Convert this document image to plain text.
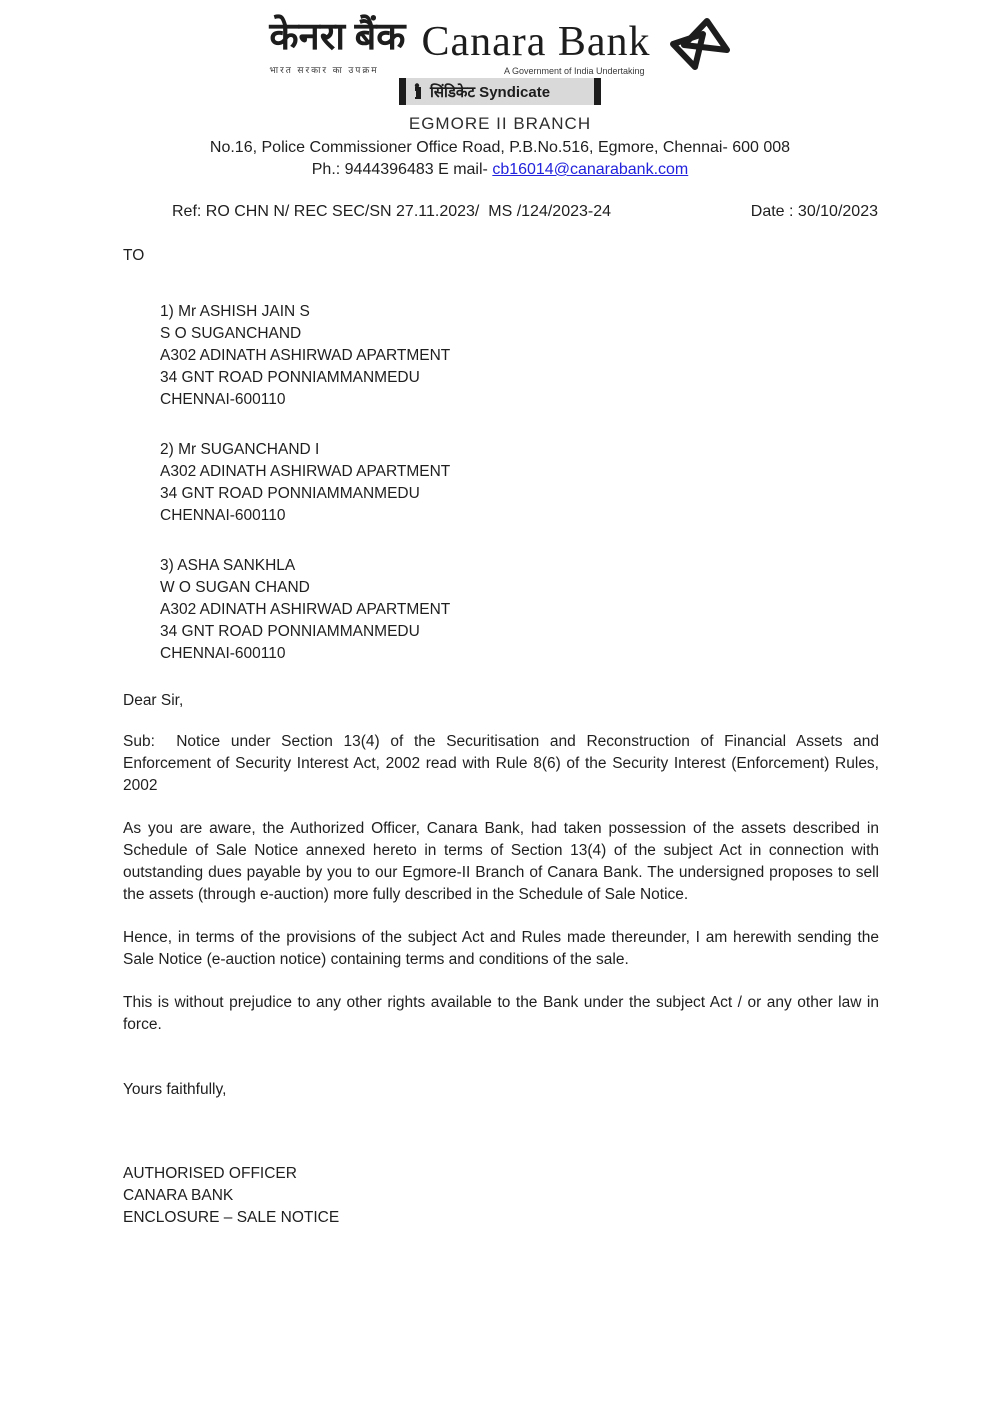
केनरा बैंक
भारत सरकार का उपक्रम
Canara Bank
A Government of India Undertaking
सिंडिकेट Syndicate
EGMORE II BRANCH
No.16, Police Commissioner Office Road, P.B.No.516, Egmore, Chennai- 600 008
Ph.: 9444396483 E mail- cb16014@canarabank.com
Ref: RO CHN N/ REC SEC/SN 27.11.2023/  MS /124/2023-24	Date : 30/10/2023
TO
1) Mr ASHISH JAIN S
S O SUGANCHAND
A302 ADINATH ASHIRWAD APARTMENT
34 GNT ROAD PONNIAMMANMEDU
CHENNAI-600110
2) Mr SUGANCHAND I
A302 ADINATH ASHIRWAD APARTMENT
34 GNT ROAD PONNIAMMANMEDU
CHENNAI-600110
3) ASHA SANKHLA
W O SUGAN CHAND
A302 ADINATH ASHIRWAD APARTMENT
34 GNT ROAD PONNIAMMANMEDU
CHENNAI-600110
Dear Sir,
Sub:  Notice under Section 13(4) of the Securitisation and Reconstruction of Financial Assets and Enforcement of Security Interest Act, 2002 read with Rule 8(6) of the Security Interest (Enforcement) Rules, 2002
As you are aware, the Authorized Officer, Canara Bank, had taken possession of the assets described in Schedule of Sale Notice annexed hereto in terms of Section 13(4) of the subject Act in connection with outstanding dues payable by you to our Egmore-II Branch of Canara Bank. The undersigned proposes to sell the assets (through e-auction) more fully described in the Schedule of Sale Notice.
Hence, in terms of the provisions of the subject Act and Rules made thereunder, I am herewith sending the Sale Notice (e-auction notice) containing terms and conditions of the sale.
This is without prejudice to any other rights available to the Bank under the subject Act / or any other law in force.
Yours faithfully,
AUTHORISED OFFICER
CANARA BANK
ENCLOSURE – SALE NOTICE
